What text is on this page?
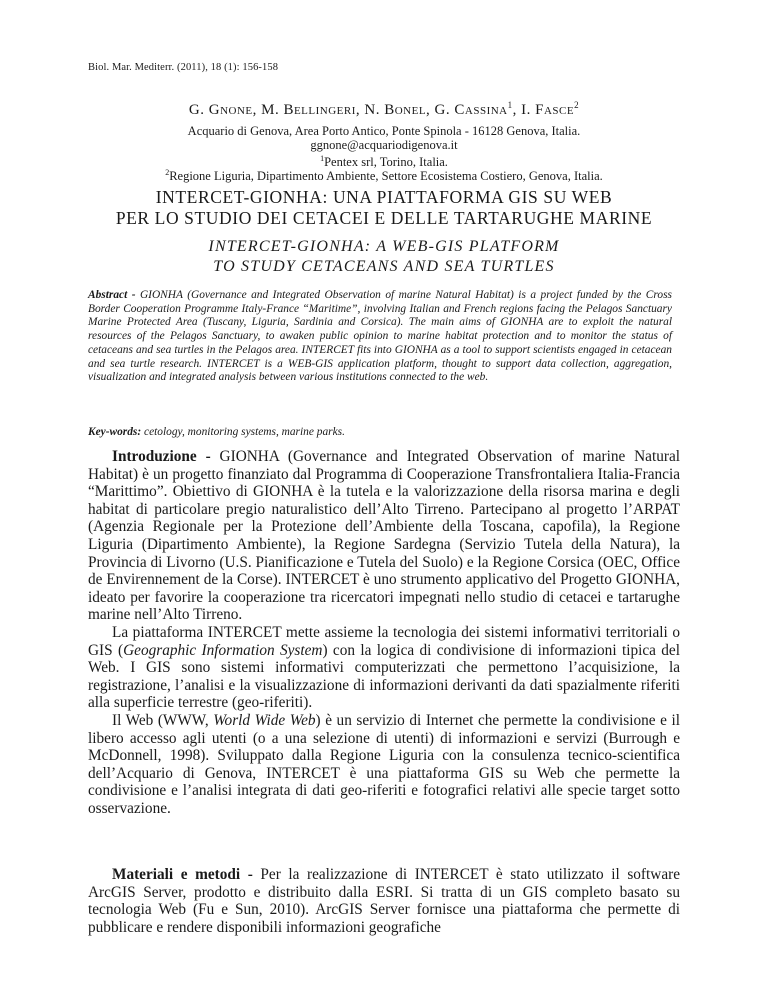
Biol. Mar. Mediterr. (2011), 18 (1): 156-158
G. Gnone, M. Bellingeri, N. Bonel, G. Cassina$^1$, I. Fasce$^2$
Acquario di Genova, Area Porto Antico, Ponte Spinola - 16128 Genova, Italia.
ggnone@acquariodigenova.it
$^1$Pentex srl, Torino, Italia.
$^2$Regione Liguria, Dipartimento Ambiente, Settore Ecosistema Costiero, Genova, Italia.
INTERCET-GIONHA: UNA PIATTAFORMA GIS SU WEB
PER LO STUDIO DEI CETACEI E DELLE TARTARUGHE MARINE
INTERCET-GIONHA: A WEB-GIS PLATFORM
TO STUDY CETACEANS AND SEA TURTLES
Abstract - GIONHA (Governance and Integrated Observation of marine Natural Habitat) is a project funded by the Cross Border Cooperation Programme Italy-France “Maritime”, involving Italian and French regions facing the Pelagos Sanctuary Marine Protected Area (Tuscany, Liguria, Sardinia and Corsica). The main aims of GIONHA are to exploit the natural resources of the Pelagos Sanctuary, to awaken public opinion to marine habitat protection and to monitor the status of cetaceans and sea turtles in the Pelagos area. INTERCET fits into GIONHA as a tool to support scientists engaged in cetacean and sea turtle research. INTERCET is a WEB-GIS application platform, thought to support data collection, aggregation, visualization and integrated analysis between various institutions connected to the web.
Key-words: cetology, monitoring systems, marine parks.

Introduzione - GIONHA (Governance and Integrated Observation of marine Natural Habitat) è un progetto finanziato dal Programma di Cooperazione Transfrontaliera Italia-Francia “Marittimo”. Obiettivo di GIONHA è la tutela e la valorizzazione della risorsa marina e degli habitat di particolare pregio naturalistico dell’Alto Tirreno. Partecipano al progetto l’ARPAT (Agenzia Regionale per la Protezione dell’Ambiente della Toscana, capofila), la Regione Liguria (Dipartimento Ambiente), la Regione Sardegna (Servizio Tutela della Natura), la Provincia di Livorno (U.S. Pianificazione e Tutela del Suolo) e la Regione Corsica (OEC, Office de Envirennement de la Corse). INTERCET è uno strumento applicativo del Progetto GIONHA, ideato per favorire la cooperazione tra ricercatori impegnati nello studio di cetacei e tartarughe marine nell’Alto Tirreno.

La piattaforma INTERCET mette assieme la tecnologia dei sistemi informativi territoriali o GIS (Geographic Information System) con la logica di condivisione di informazioni tipica del Web. I GIS sono sistemi informativi computerizzati che permettono l’acquisizione, la registrazione, l’analisi e la visualizzazione di informazioni derivanti da dati spazialmente riferiti alla superficie terrestre (geo-riferiti).

Il Web (WWW, World Wide Web) è un servizio di Internet che permette la condivisione e il libero accesso agli utenti (o a una selezione di utenti) di informazioni e servizi (Burrough e McDonnell, 1998). Sviluppato dalla Regione Liguria con la consulenza tecnico-scientifica dell’Acquario di Genova, INTERCET è una piattaforma GIS su Web che permette la condivisione e l’analisi integrata di dati geo-riferiti e fotografici relativi alle specie target sotto osservazione.

Materiali e metodi - Per la realizzazione di INTERCET è stato utilizzato il software ArcGIS Server, prodotto e distribuito dalla ESRI. Si tratta di un GIS completo basato su tecnologia Web (Fu e Sun, 2010). ArcGIS Server fornisce una piattaforma che permette di pubblicare e rendere disponibili informazioni geografiche
